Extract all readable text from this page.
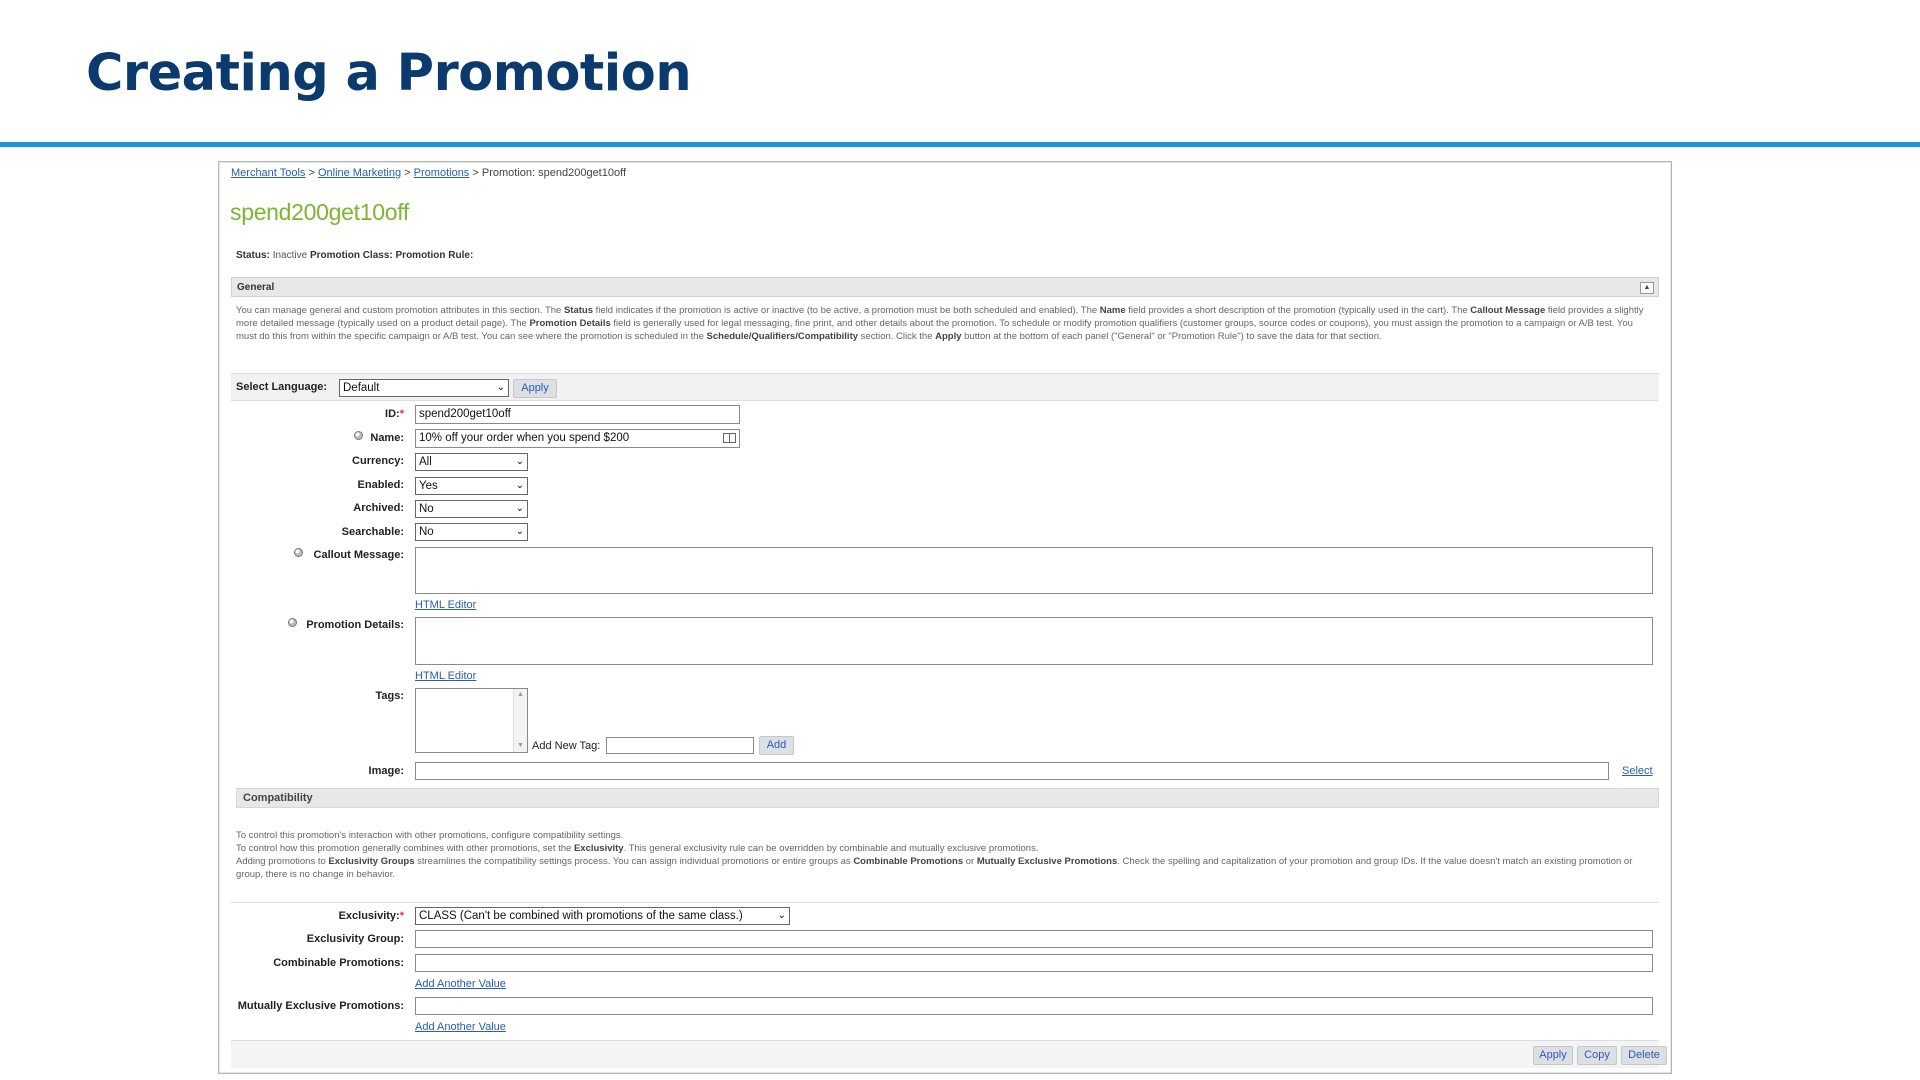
Creating a Promotion
Merchant Tools > Online Marketing > Promotions > Promotion: spend200get10off
spend200get10off
Status: Inactive Promotion Class: Promotion Rule:
General	▲
You can manage general and custom promotion attributes in this section. The Status field indicates if the promotion is active or inactive (to be active, a promotion must be both scheduled and enabled). The Name field provides a short description of the promotion (typically used in the cart). The Callout Message field provides a slightly more detailed message (typically used on a product detail page). The Promotion Details field is generally used for legal messaging, fine print, and other details about the promotion. To schedule or modify promotion qualifiers (customer groups, source codes or coupons), you must assign the promotion to a campaign or A/B test. You must do this from within the specific campaign or A/B test. You can see where the promotion is scheduled in the Schedule/Qualifiers/Compatibility section. Click the Apply button at the bottom of each panel ("General" or "Promotion Rule") to save the data for that section.
Select Language:	Default	⌄	Apply
ID:*	spend200get10off
Name:	10% off your order when you spend $200
Currency:	All	⌄
Enabled:	Yes	⌄
Archived:	No	⌄
Searchable:	No	⌄
Callout Message:
HTML Editor
Promotion Details:
HTML Editor
Tags:	▲
▼ Add New Tag:	Add
Image:	Select
Compatibility
To control this promotion's interaction with other promotions, configure compatibility settings.
To control how this promotion generally combines with other promotions, set the Exclusivity. This general exclusivity rule can be overridden by combinable and mutually exclusive promotions.
Adding promotions to Exclusivity Groups streamlines the compatibility settings process. You can assign individual promotions or entire groups as Combinable Promotions or Mutually Exclusive Promotions. Check the spelling and capitalization of your promotion and group IDs. If the value doesn't match an existing promotion or group, there is no change in behavior.
Exclusivity:*	CLASS (Can't be combined with promotions of the same class.)	⌄
Exclusivity Group:
Combinable Promotions:
Add Another Value
Mutually Exclusive Promotions:
Add Another Value
Apply	Copy	Delete
